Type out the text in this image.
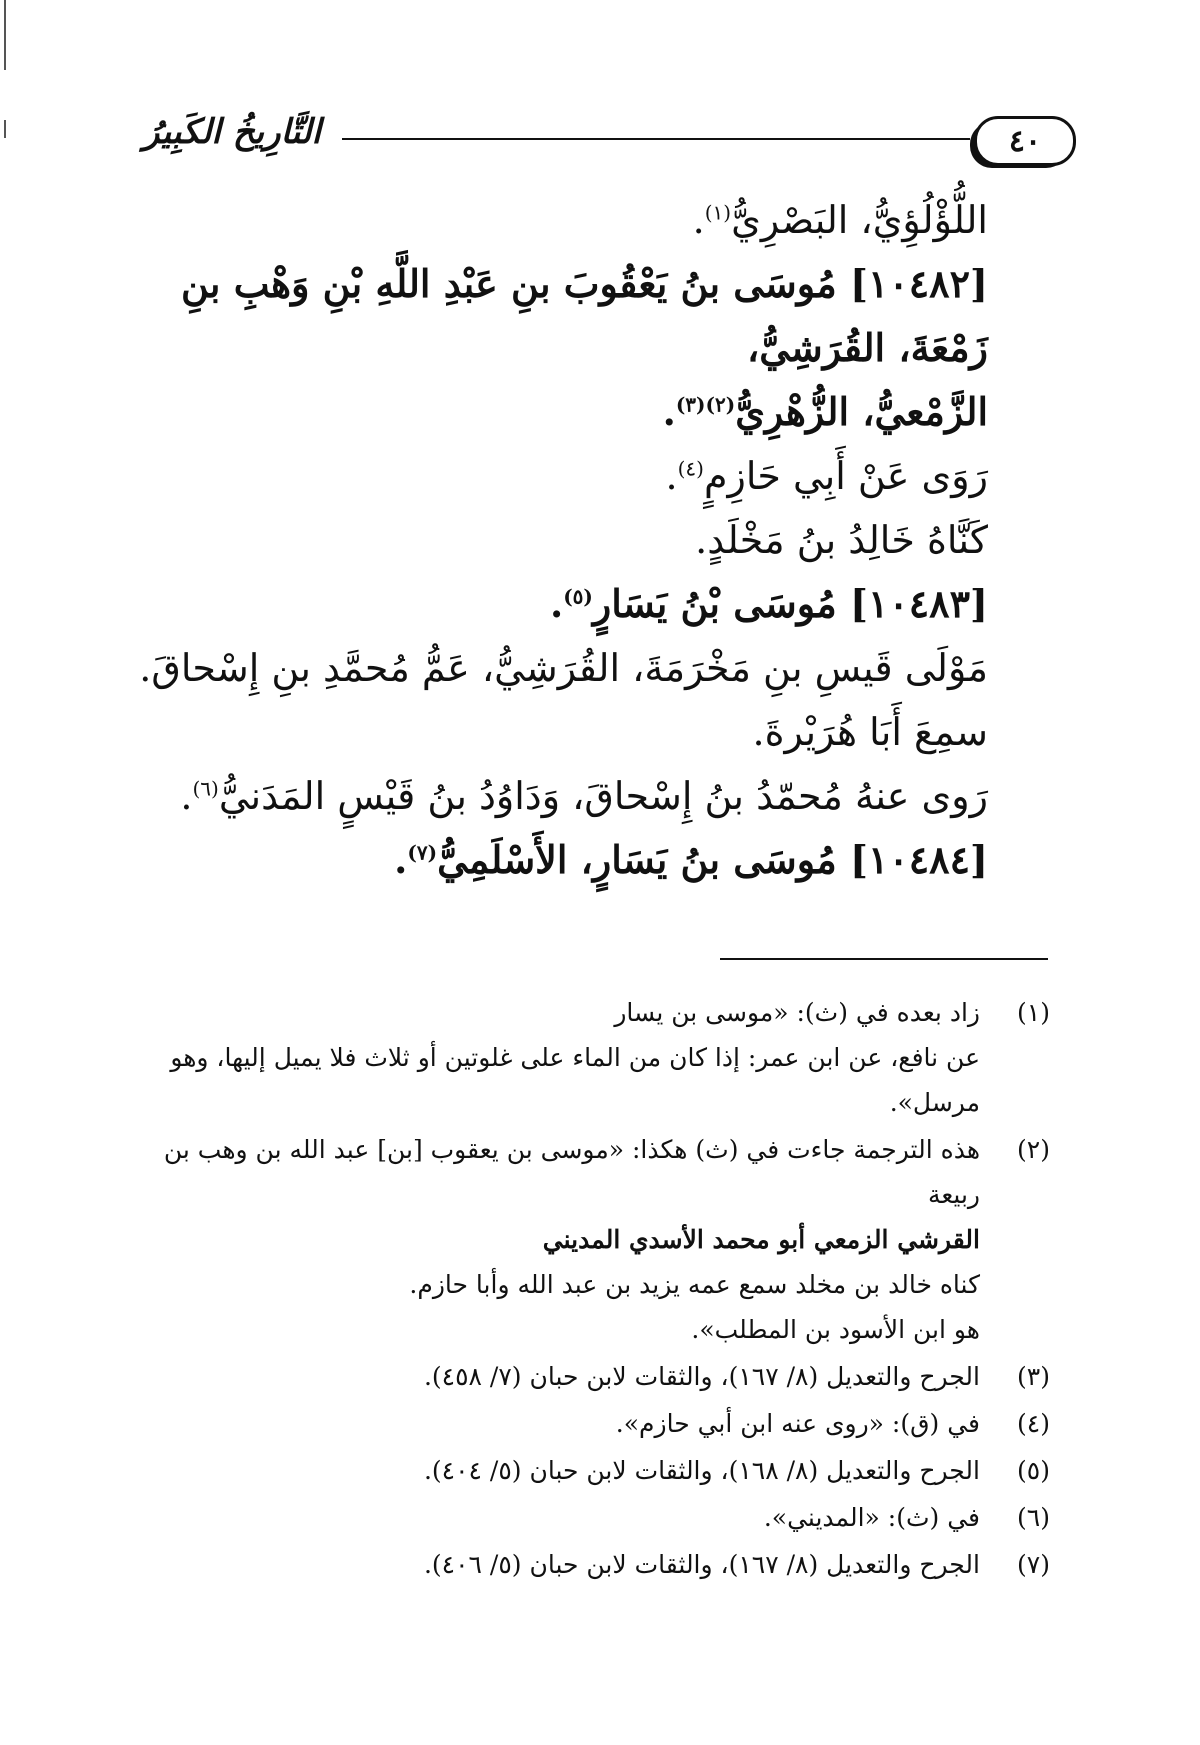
٤٠
التَّارِيخُ الكَبِيرُ

اللُّؤْلُؤِيُّ، البَصْرِيُّ$^{(١)}$.

[١٠٤٨٢] مُوسَى بنُ يَعْقُوبَ بنِ عَبْدِ اللَّهِ بْنِ وَهْبِ بنِ زَمْعَةَ، القُرَشِيُّ،

الزَّمْعيُّ، الزُّهْرِيُّ$^{(٢)(٣)}$.

رَوَى عَنْ أَبِي حَازِمٍ$^{(٤)}$.

كَنَّاهُ خَالِدُ بنُ مَخْلَدٍ.

[١٠٤٨٣] مُوسَى بْنُ يَسَارٍ$^{(٥)}$.

مَوْلَى قَيسِ بنِ مَخْرَمَةَ، القُرَشِيُّ، عَمُّ مُحمَّدِ بنِ إِسْحاقَ.

سمِعَ أَبَا هُرَيْرةَ.

رَوى عنهُ مُحمّدُ بنُ إِسْحاقَ، وَدَاوُدُ بنُ قَيْسٍ المَدَنيُّ$^{(٦)}$.

[١٠٤٨٤] مُوسَى بنُ يَسَارٍ، الأَسْلَمِيُّ$^{(٧)}$.

(١)
زاد بعده في (ث): «موسى بن يسار
عن نافع، عن ابن عمر: إذا كان من الماء على غلوتين أو ثلاث فلا يميل إليها، وهو
مرسل».
(٢)
هذه الترجمة جاءت في (ث) هكذا: «موسى بن يعقوب [بن] عبد الله بن وهب بن ربيعة
القرشي الزمعي أبو محمد الأسدي المديني
كناه خالد بن مخلد سمع عمه يزيد بن عبد الله وأبا حازم.
هو ابن الأسود بن المطلب».
(٣)
الجرح والتعديل (٨/ ١٦٧)، والثقات لابن حبان (٧/ ٤٥٨).
(٤)
في (ق): «روى عنه ابن أبي حازم».
(٥)
الجرح والتعديل (٨/ ١٦٨)، والثقات لابن حبان (٥/ ٤٠٤).
(٦)
في (ث): «المديني».
(٧)
الجرح والتعديل (٨/ ١٦٧)، والثقات لابن حبان (٥/ ٤٠٦).
